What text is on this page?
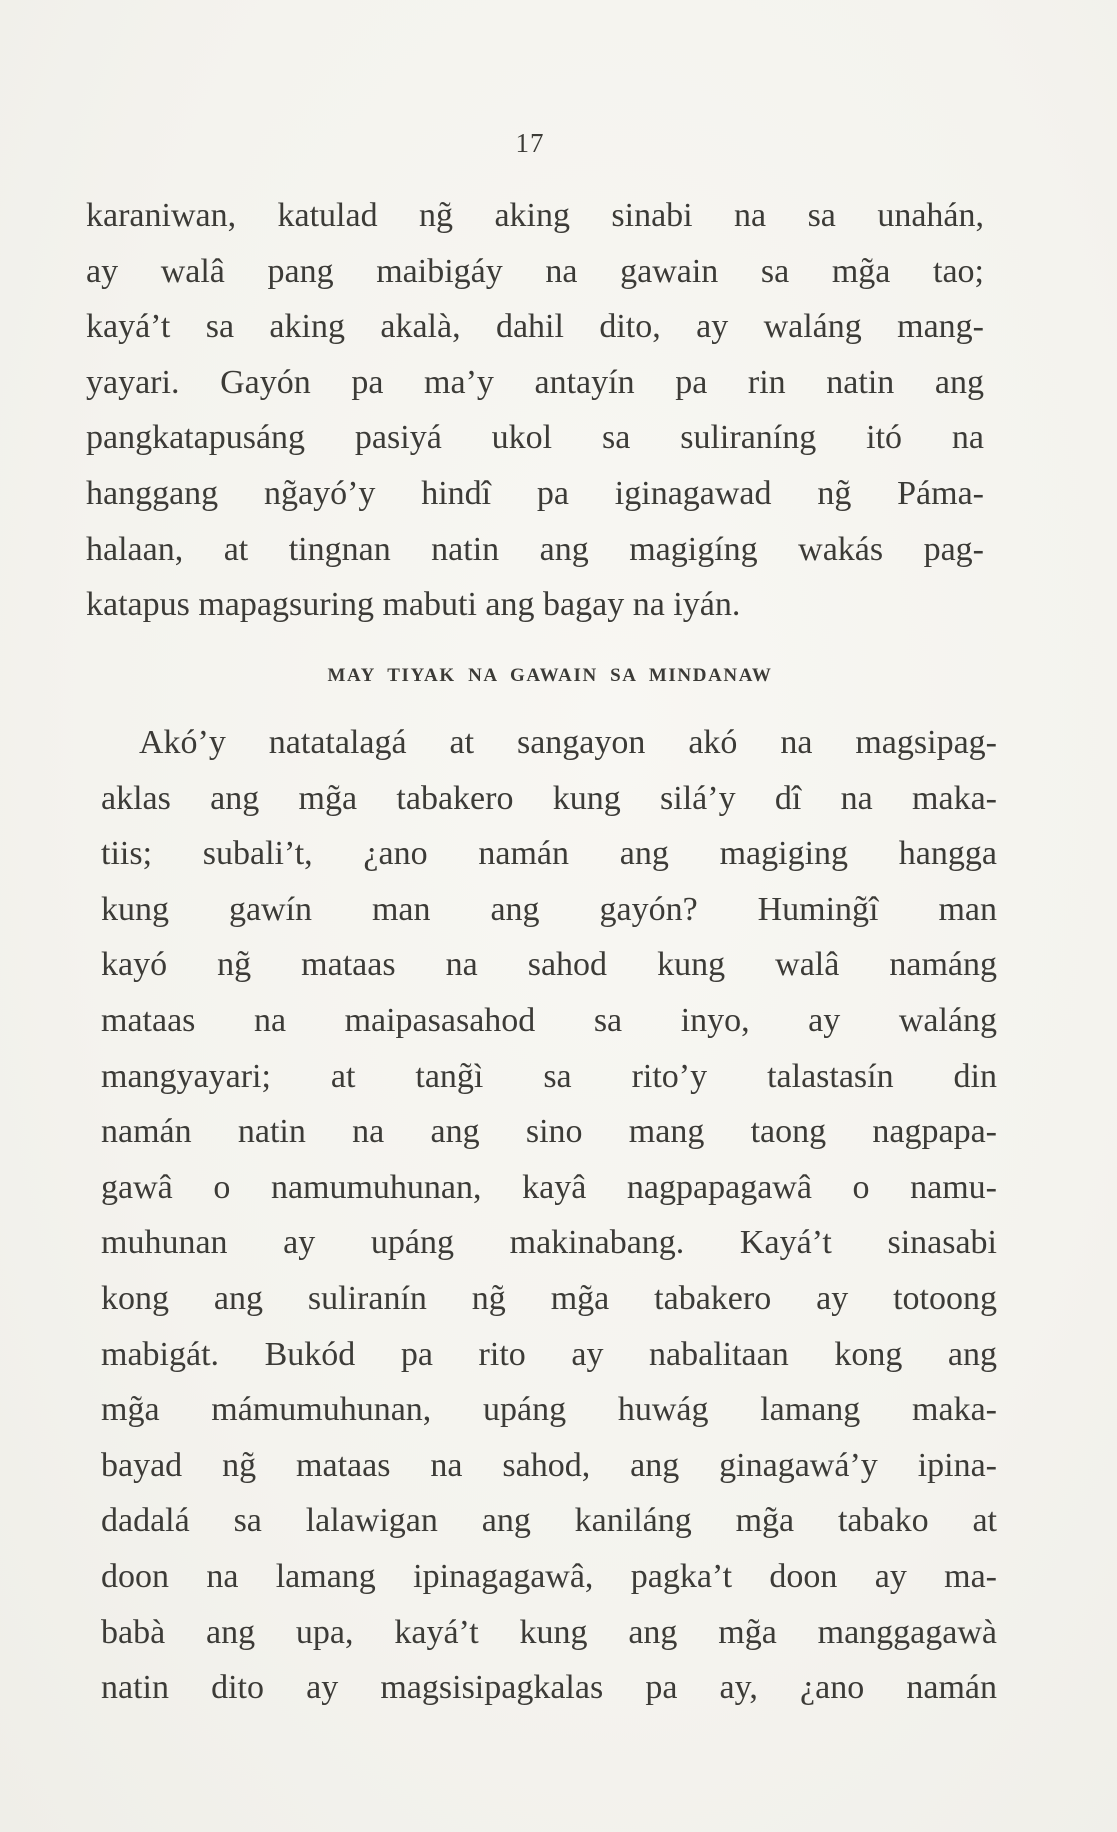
17
karaniwan, katulad ng̃ aking sinabi na sa unahán,
ay walâ pang maibigáy na gawain sa mg̃a tao;
kayá’t sa aking akalà, dahil dito, ay waláng mang-
yayari. Gayón pa ma’y antayín pa rin natin ang
pangkatapusáng pasiyá ukol sa suliraníng itó na
hanggang ng̃ayó’y hindî pa iginagawad ng̃ Páma-
halaan, at tingnan natin ang magigíng wakás pag-
katapus mapagsuring mabuti ang bagay na iyán.
MAY TIYAK NA GAWAIN SA MINDANAW
Akó’y natatalagá at sangayon akó na magsipag-
aklas ang mg̃a tabakero kung silá’y dî na maka-
tiis; subali’t, ¿ano namán ang magiging hangga
kung gawín man ang gayón? Huming̃î man
kayó ng̃ mataas na sahod kung walâ namáng
mataas na maipasasahod sa inyo, ay waláng
mangyayari; at tang̃ì sa rito’y talastasín din
namán natin na ang sino mang taong nagpapa-
gawâ o namumuhunan, kayâ nagpapagawâ o namu-
muhunan ay upáng makinabang. Kayá’t sinasabi
kong ang suliranín ng̃ mg̃a tabakero ay totoong
mabigát. Bukód pa rito ay nabalitaan kong ang
mg̃a mámumuhunan, upáng huwág lamang maka-
bayad ng̃ mataas na sahod, ang ginagawá’y ipina-
dadalá sa lalawigan ang kaniláng mg̃a tabako at
doon na lamang ipinagagawâ, pagka’t doon ay ma-
babà ang upa, kayá’t kung ang mg̃a manggagawà
natin dito ay magsisipagkalas pa ay, ¿ano namán
